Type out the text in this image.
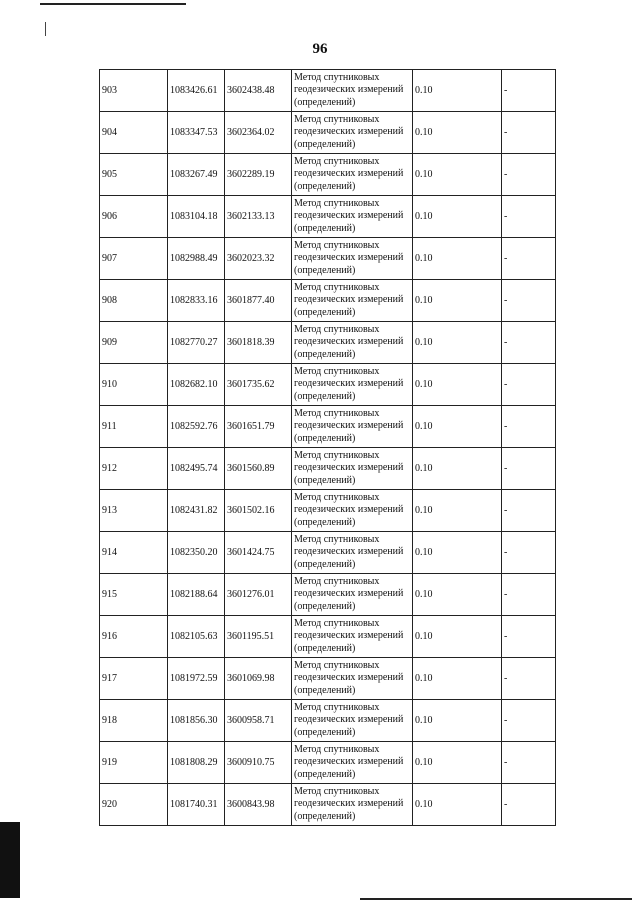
96
903	1083426.61	3602438.48	Метод спутниковых геодезических измерений (определений)	0.10	-
904	1083347.53	3602364.02	Метод спутниковых геодезических измерений (определений)	0.10	-
905	1083267.49	3602289.19	Метод спутниковых геодезических измерений (определений)	0.10	-
906	1083104.18	3602133.13	Метод спутниковых геодезических измерений (определений)	0.10	-
907	1082988.49	3602023.32	Метод спутниковых геодезических измерений (определений)	0.10	-
908	1082833.16	3601877.40	Метод спутниковых геодезических измерений (определений)	0.10	-
909	1082770.27	3601818.39	Метод спутниковых геодезических измерений (определений)	0.10	-
910	1082682.10	3601735.62	Метод спутниковых геодезических измерений (определений)	0.10	-
911	1082592.76	3601651.79	Метод спутниковых геодезических измерений (определений)	0.10	-
912	1082495.74	3601560.89	Метод спутниковых геодезических измерений (определений)	0.10	-
913	1082431.82	3601502.16	Метод спутниковых геодезических измерений (определений)	0.10	-
914	1082350.20	3601424.75	Метод спутниковых геодезических измерений (определений)	0.10	-
915	1082188.64	3601276.01	Метод спутниковых геодезических измерений (определений)	0.10	-
916	1082105.63	3601195.51	Метод спутниковых геодезических измерений (определений)	0.10	-
917	1081972.59	3601069.98	Метод спутниковых геодезических измерений (определений)	0.10	-
918	1081856.30	3600958.71	Метод спутниковых геодезических измерений (определений)	0.10	-
919	1081808.29	3600910.75	Метод спутниковых геодезических измерений (определений)	0.10	-
920	1081740.31	3600843.98	Метод спутниковых геодезических измерений (определений)	0.10	-
